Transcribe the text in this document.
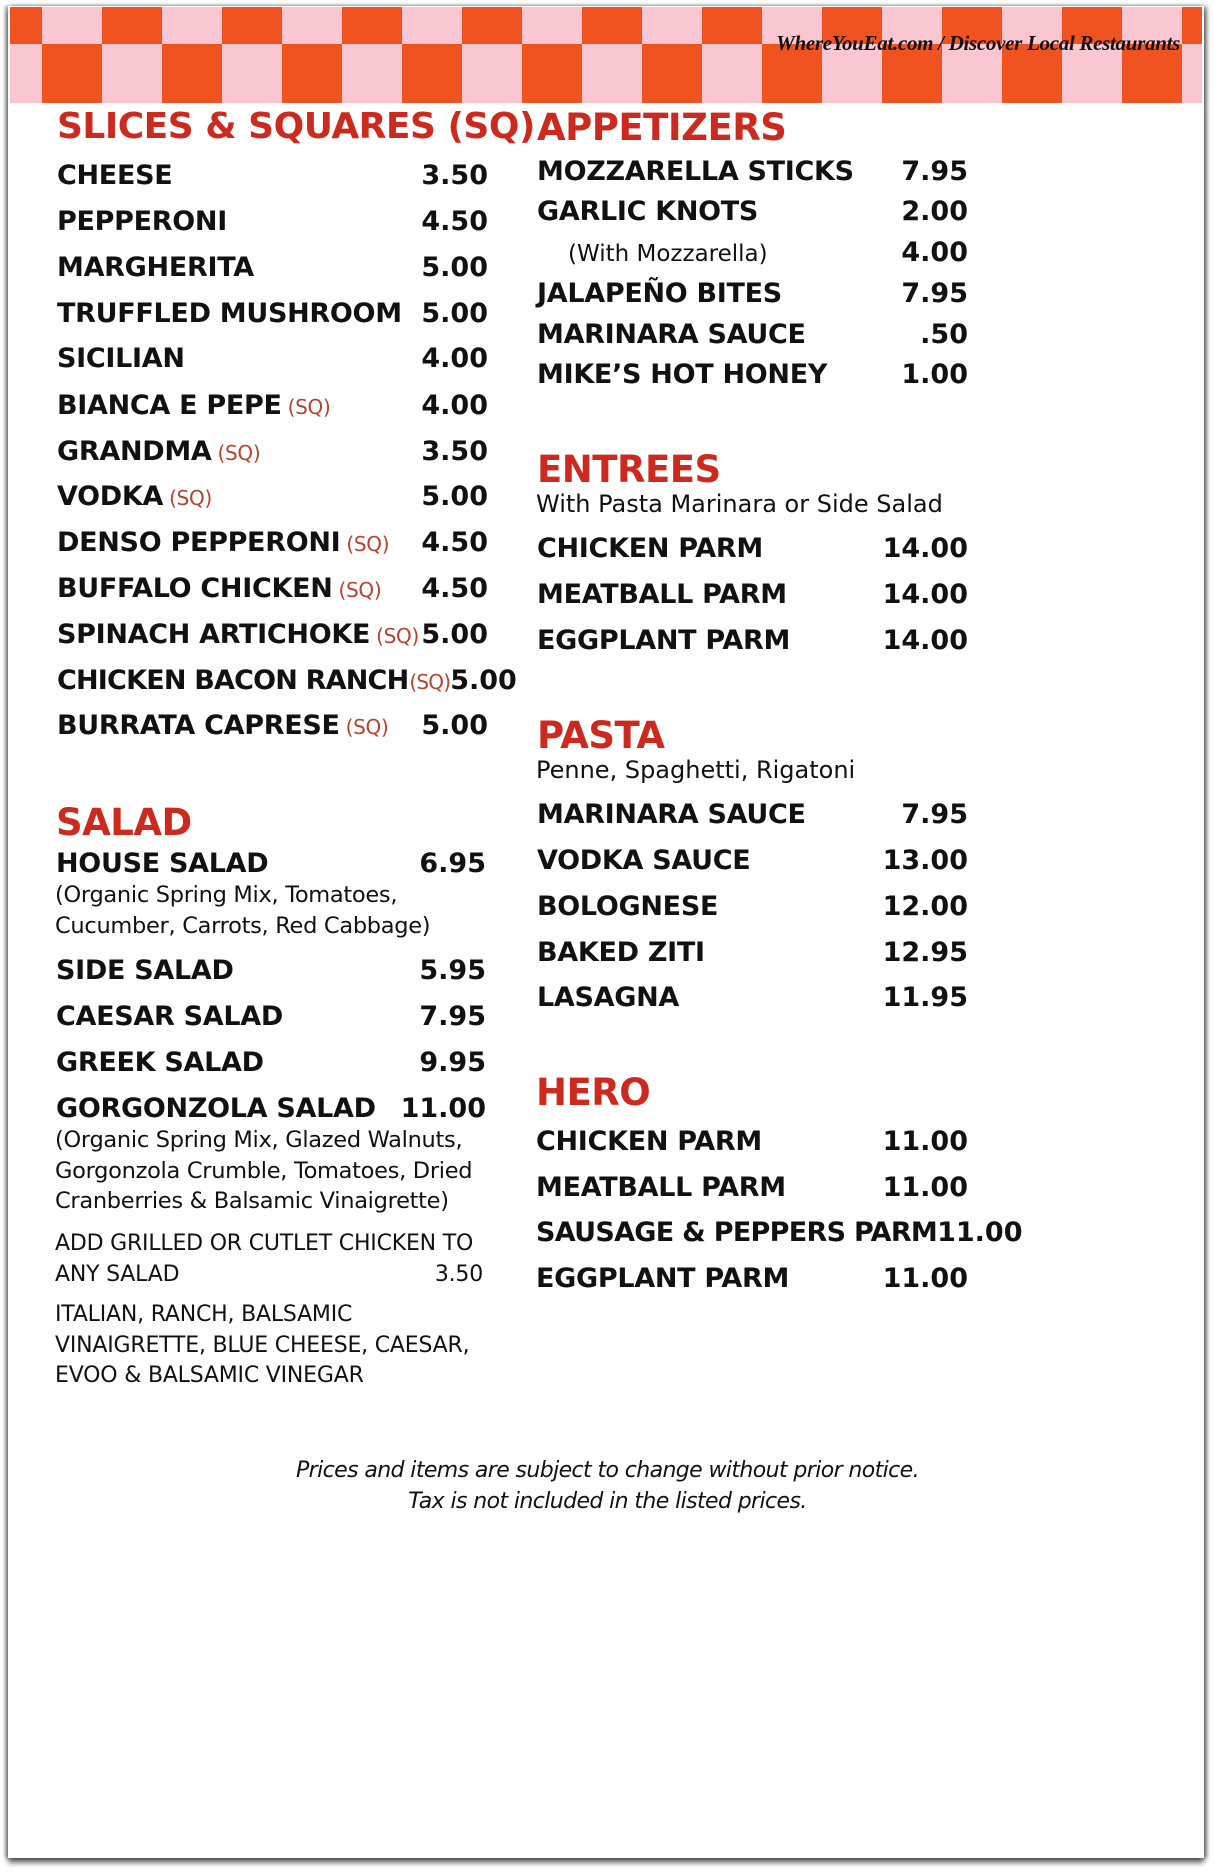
WhereYouEat.com / Discover Local Restaurants
SLICES & SQUARES (SQ)
CHEESE	3.50
PEPPERONI	4.50
MARGHERITA	5.00
TRUFFLED MUSHROOM 5.00
SICILIAN	4.00
BIANCA E PEPE (SQ)	4.00
GRANDMA (SQ)	3.50
VODKA (SQ)	5.00
DENSO PEPPERONI (SQ) 4.50
BUFFALO CHICKEN (SQ) 4.50
SPINACH ARTICHOKE (SQ) 5.00
CHICKEN BACON RANCH(SQ) 5.00
BURRATA CAPRESE (SQ) 5.00
SALAD
HOUSE SALAD	6.95
(Organic Spring Mix, Tomatoes,
Cucumber, Carrots, Red Cabbage)
SIDE SALAD	5.95
CAESAR SALAD	7.95
GREEK SALAD	9.95
GORGONZOLA SALAD 11.00
(Organic Spring Mix, Glazed Walnuts,
Gorgonzola Crumble, Tomatoes, Dried
Cranberries & Balsamic Vinaigrette)
ADD GRILLED OR CUTLET CHICKEN TO
ANY SALAD	3.50
ITALIAN, RANCH, BALSAMIC
VINAIGRETTE, BLUE CHEESE, CAESAR,
EVOO & BALSAMIC VINEGAR
APPETIZERS
MOZZARELLA STICKS 7.95
GARLIC KNOTS	2.00
(With Mozzarella)	4.00
JALAPEÑO BITES	7.95
MARINARA SAUCE	.50
MIKE’S HOT HONEY	1.00
ENTREES
With Pasta Marinara or Side Salad
CHICKEN PARM	14.00
MEATBALL PARM	14.00
EGGPLANT PARM	14.00
PASTA
Penne, Spaghetti, Rigatoni
MARINARA SAUCE	7.95
VODKA SAUCE	13.00
BOLOGNESE	12.00
BAKED ZITI	12.95
LASAGNA	11.95
HERO
CHICKEN PARM	11.00
MEATBALL PARM	11.00
SAUSAGE & PEPPERS PARM 11.00
EGGPLANT PARM	11.00
Prices and items are subject to change without prior notice.
Tax is not included in the listed prices.
